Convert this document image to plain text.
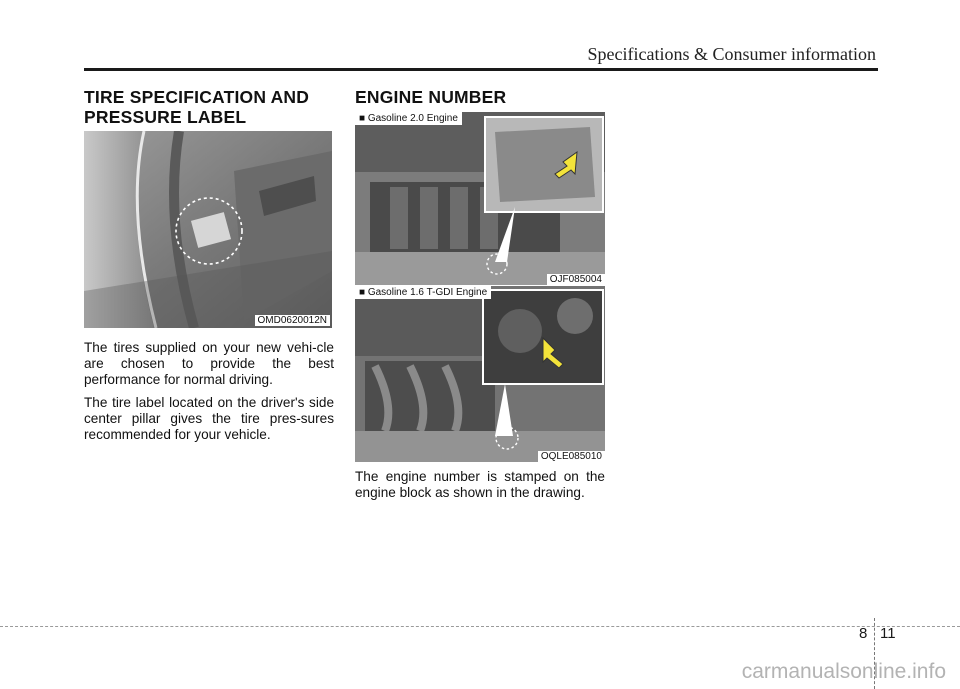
Specifications & Consumer information
TIRE SPECIFICATION AND PRESSURE LABEL
OMD0620012N

The tires supplied on your new vehi-cle are chosen to provide the best performance for normal driving.

The tire label located on the driver's side center pillar gives the tire pres-sures recommended for your vehicle.

ENGINE NUMBER
■ Gasoline 2.0 Engine
OJF085004
■ Gasoline 1.6 T-GDI Engine
OQLE085010
The engine number is stamped on the engine block as shown in the drawing.
8 11
carmanualsonline.info
